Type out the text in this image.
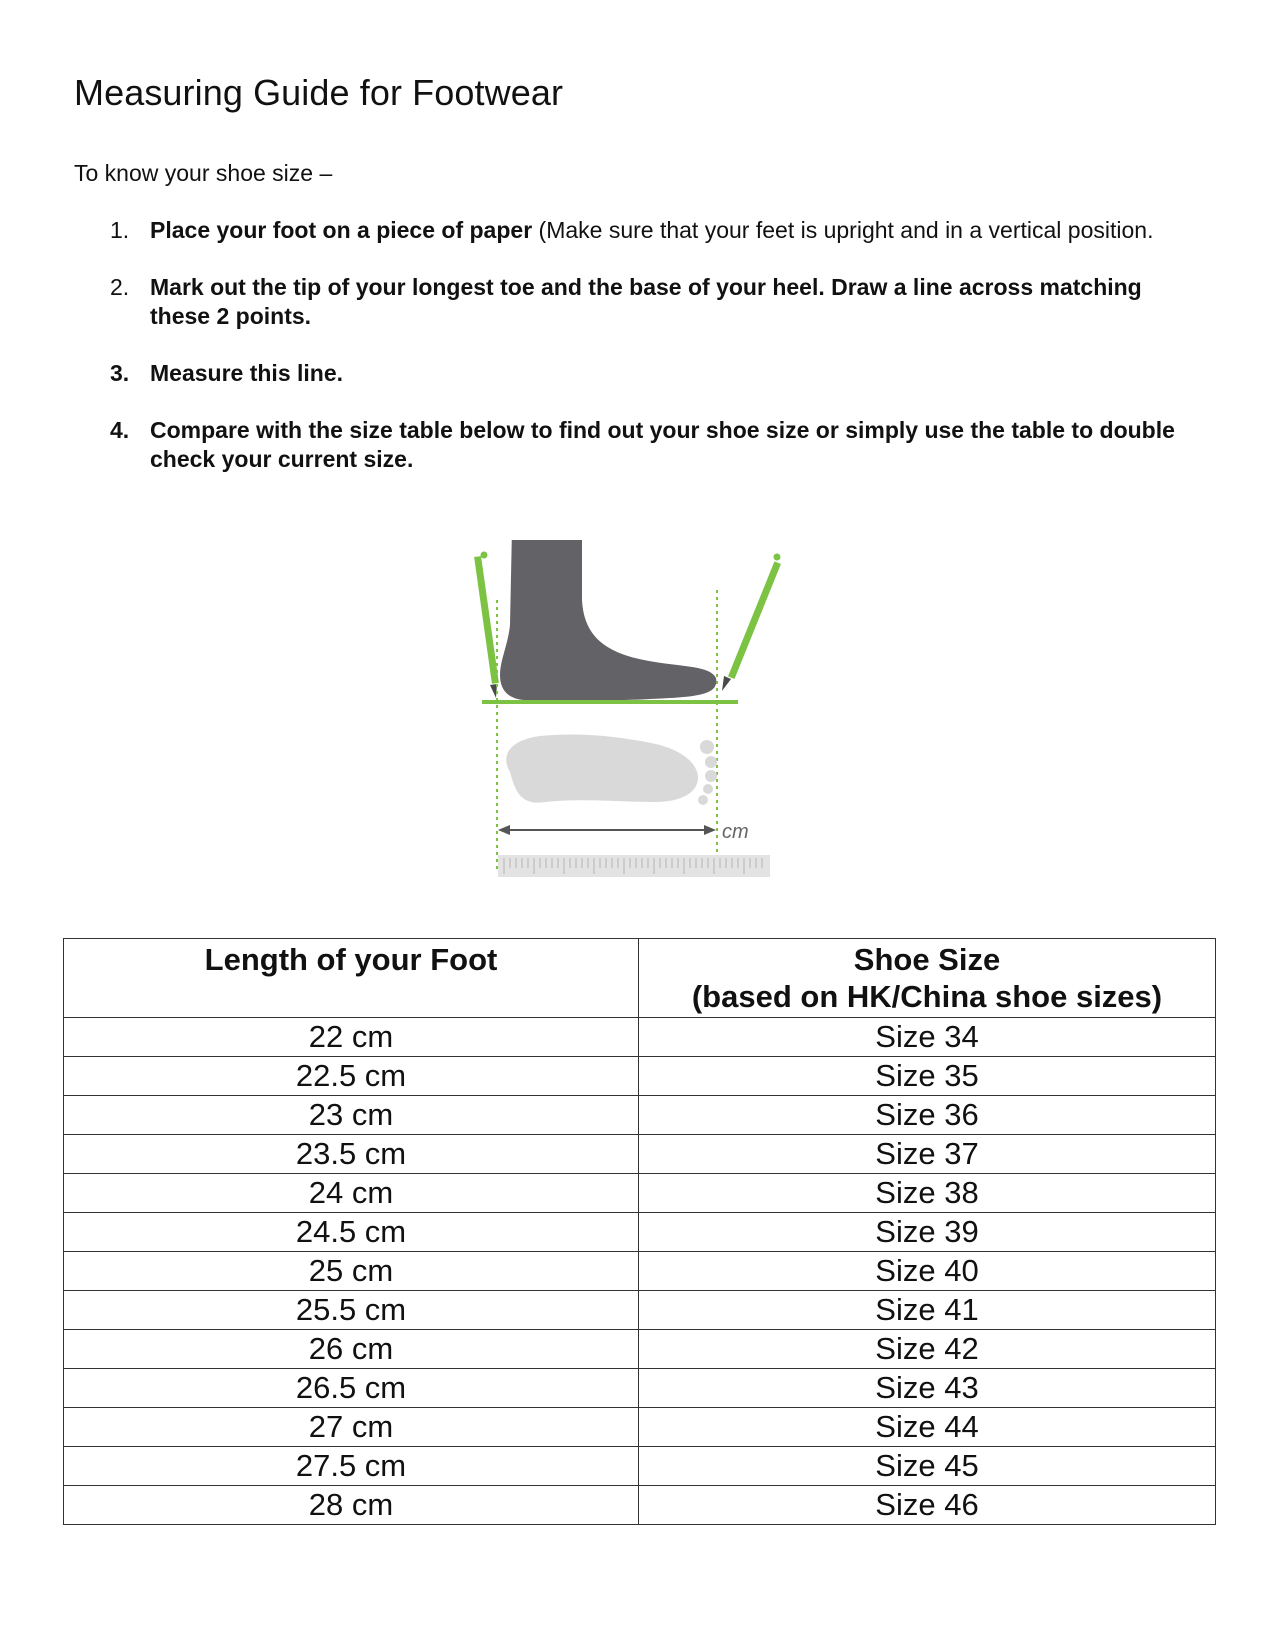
Measuring Guide for Footwear

To know your shoe size –

1. Place your foot on a piece of paper (Make sure that your feet is upright and in a vertical position.
2. Mark out the tip of your longest toe and the base of your heel. Draw a line across matching these 2 points.
3. Measure this line.
4. Compare with the size table below to find out your shoe size or simply use the table to double check your current size.
cm
Length of your Foot	Shoe Size
(based on HK/China shoe sizes)

22 cm	Size 34
22.5 cm	Size 35
23 cm	Size 36
23.5 cm	Size 37
24 cm	Size 38
24.5 cm	Size 39
25 cm	Size 40
25.5 cm	Size 41
26 cm	Size 42
26.5 cm	Size 43
27 cm	Size 44
27.5 cm	Size 45
28 cm	Size 46
